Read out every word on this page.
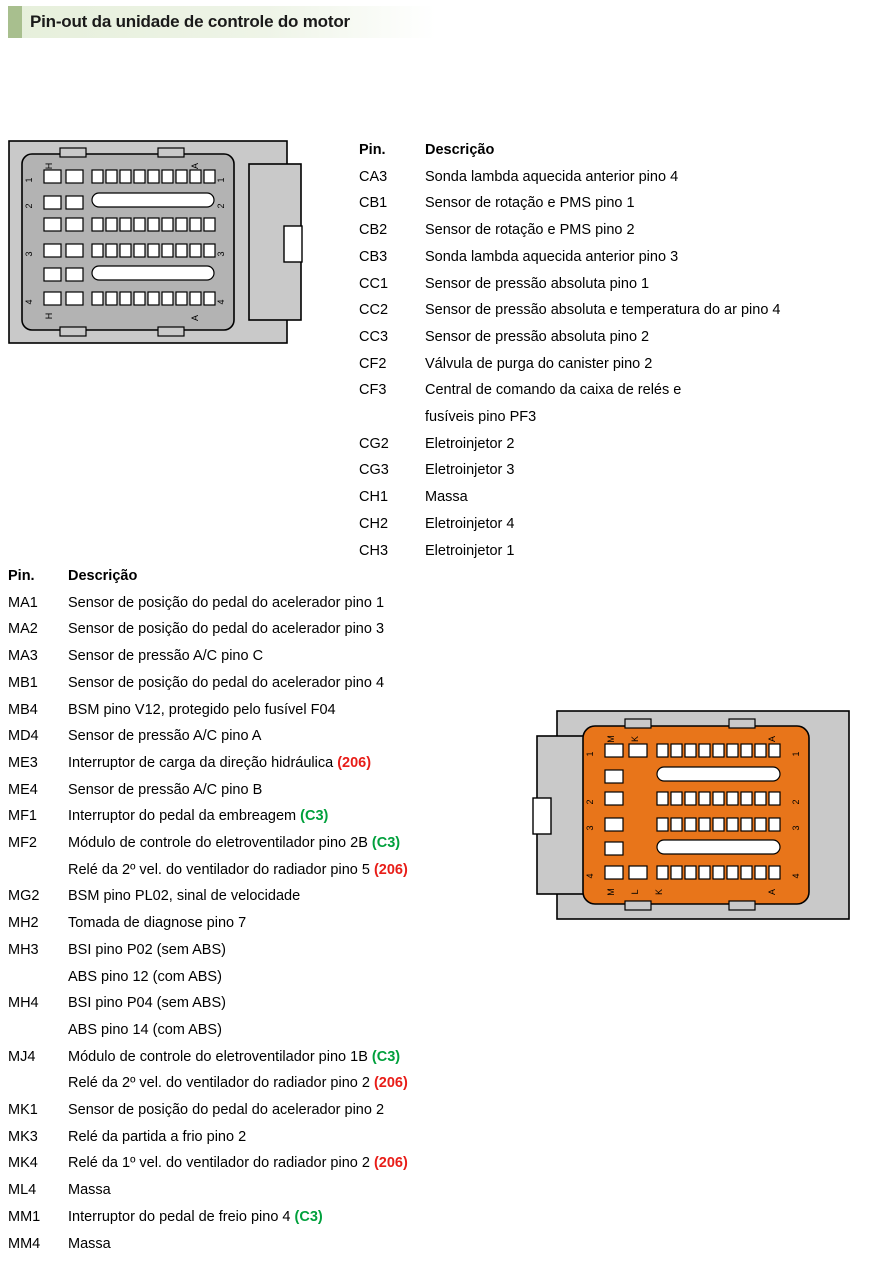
Pin-out da unidade de controle do motor
1
2
3
4
1
2
3
4
H	A
H	A
1
2
3
4
1
2
3
4
M K	A
M L K	A
Pin.	Descrição
CA3	Sonda lambda aquecida anterior pino 4
CB1	Sensor de rotação e PMS pino 1
CB2	Sensor de rotação e PMS pino 2
CB3	Sonda lambda aquecida anterior pino 3
CC1	Sensor de pressão absoluta pino 1
CC2	Sensor de pressão absoluta e temperatura do ar pino 4
CC3	Sensor de pressão absoluta pino 2
CF2	Válvula de purga do canister pino 2
CF3	Central de comando da caixa de relés e
fusíveis pino PF3
CG2	Eletroinjetor 2
CG3	Eletroinjetor 3
CH1	Massa
CH2	Eletroinjetor 4
CH3	Eletroinjetor 1
Pin.	Descrição
MA1	Sensor de posição do pedal do acelerador pino 1
MA2	Sensor de posição do pedal do acelerador pino 3
MA3	Sensor de pressão A/C pino C
MB1	Sensor de posição do pedal do acelerador pino 4
MB4	BSM pino V12, protegido pelo fusível F04
MD4	Sensor de pressão A/C pino A
ME3	Interruptor de carga da direção hidráulica (206)
ME4	Sensor de pressão A/C pino B
MF1	Interruptor do pedal da embreagem (C3)
MF2	Módulo de controle do eletroventilador pino 2B (C3)
Relé da 2º vel. do ventilador do radiador pino 5 (206)
MG2	BSM pino PL02, sinal de velocidade
MH2	Tomada de diagnose pino 7
MH3	BSI pino P02 (sem ABS)
ABS pino 12 (com ABS)
MH4	BSI pino P04 (sem ABS)
ABS pino 14 (com ABS)
MJ4	Módulo de controle do eletroventilador pino 1B (C3)
Relé da 2º vel. do ventilador do radiador pino 2 (206)
MK1	Sensor de posição do pedal do acelerador pino 2
MK3	Relé da partida a frio pino 2
MK4	Relé da 1º vel. do ventilador do radiador pino 2 (206)
ML4	Massa
MM1	Interruptor do pedal de freio pino 4 (C3)
MM4	Massa
